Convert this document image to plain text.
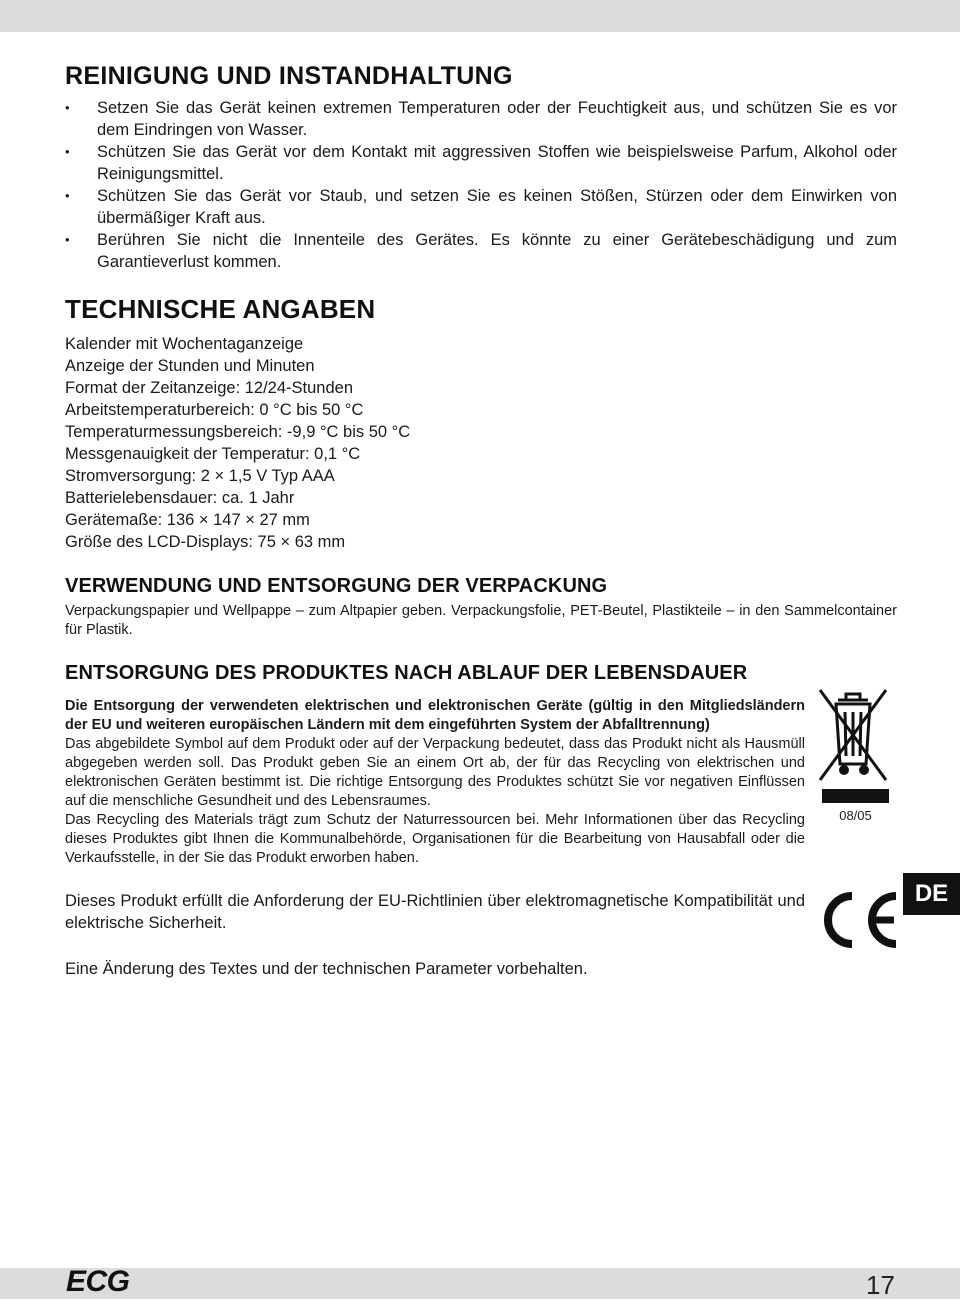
REINIGUNG UND INSTANDHALTUNG
• Setzen Sie das Gerät keinen extremen Temperaturen oder der Feuchtigkeit aus, und schützen Sie es vor dem Eindringen von Wasser.
• Schützen Sie das Gerät vor dem Kontakt mit aggressiven Stoffen wie beispielsweise Parfum, Alkohol oder Reinigungsmittel.
• Schützen Sie das Gerät vor Staub, und setzen Sie es keinen Stößen, Stürzen oder dem Einwirken von übermäßiger Kraft aus.
• Berühren Sie nicht die Innenteile des Gerätes. Es könnte zu einer Gerätebeschädigung und zum Garantieverlust kommen.
TECHNISCHE ANGABEN
Kalender mit Wochentaganzeige
Anzeige der Stunden und Minuten
Format der Zeitanzeige: 12/24-Stunden
Arbeitstemperaturbereich: 0 °C bis 50 °C
Temperaturmessungsbereich: -9,9 °C bis 50 °C
Messgenauigkeit der Temperatur: 0,1 °C
Stromversorgung: 2 × 1,5 V Typ AAA
Batterielebensdauer: ca. 1 Jahr
Gerätemaße: 136 × 147 × 27 mm
Größe des LCD-Displays: 75 × 63 mm
VERWENDUNG UND ENTSORGUNG DER VERPACKUNG
Verpackungspapier und Wellpappe – zum Altpapier geben. Verpackungsfolie, PET-Beutel, Plastikteile – in den Sammelcontainer für Plastik.
ENTSORGUNG DES PRODUKTES NACH ABLAUF DER LEBENSDAUER
Die Entsorgung der verwendeten elektrischen und elektronischen Geräte (gültig in den Mitgliedsländern der EU und weiteren europäischen Ländern mit dem eingeführten System der Abfalltrennung)
Das abgebildete Symbol auf dem Produkt oder auf der Verpackung bedeutet, dass das Produkt nicht als Hausmüll abgegeben werden soll. Das Produkt geben Sie an einem Ort ab, der für das Recycling von elektrischen und elektronischen Geräten bestimmt ist. Die richtige Entsorgung des Produktes schützt Sie vor negativen Einflüssen auf die menschliche Gesundheit und des Lebensraumes.
Das Recycling des Materials trägt zum Schutz der Naturressourcen bei. Mehr Informationen über das Recycling dieses Produktes gibt Ihnen die Kommunalbehörde, Organisationen für die Bearbeitung von Hausabfall oder die Verkaufsstelle, in der Sie das Produkt erworben haben.
Dieses Produkt erfüllt die Anforderung der EU-Richtlinien über elektromagnetische Kompatibilität und elektrische Sicherheit.
Eine Änderung des Textes und der technischen Parameter vorbehalten.
08/05
DE
ECG	17
